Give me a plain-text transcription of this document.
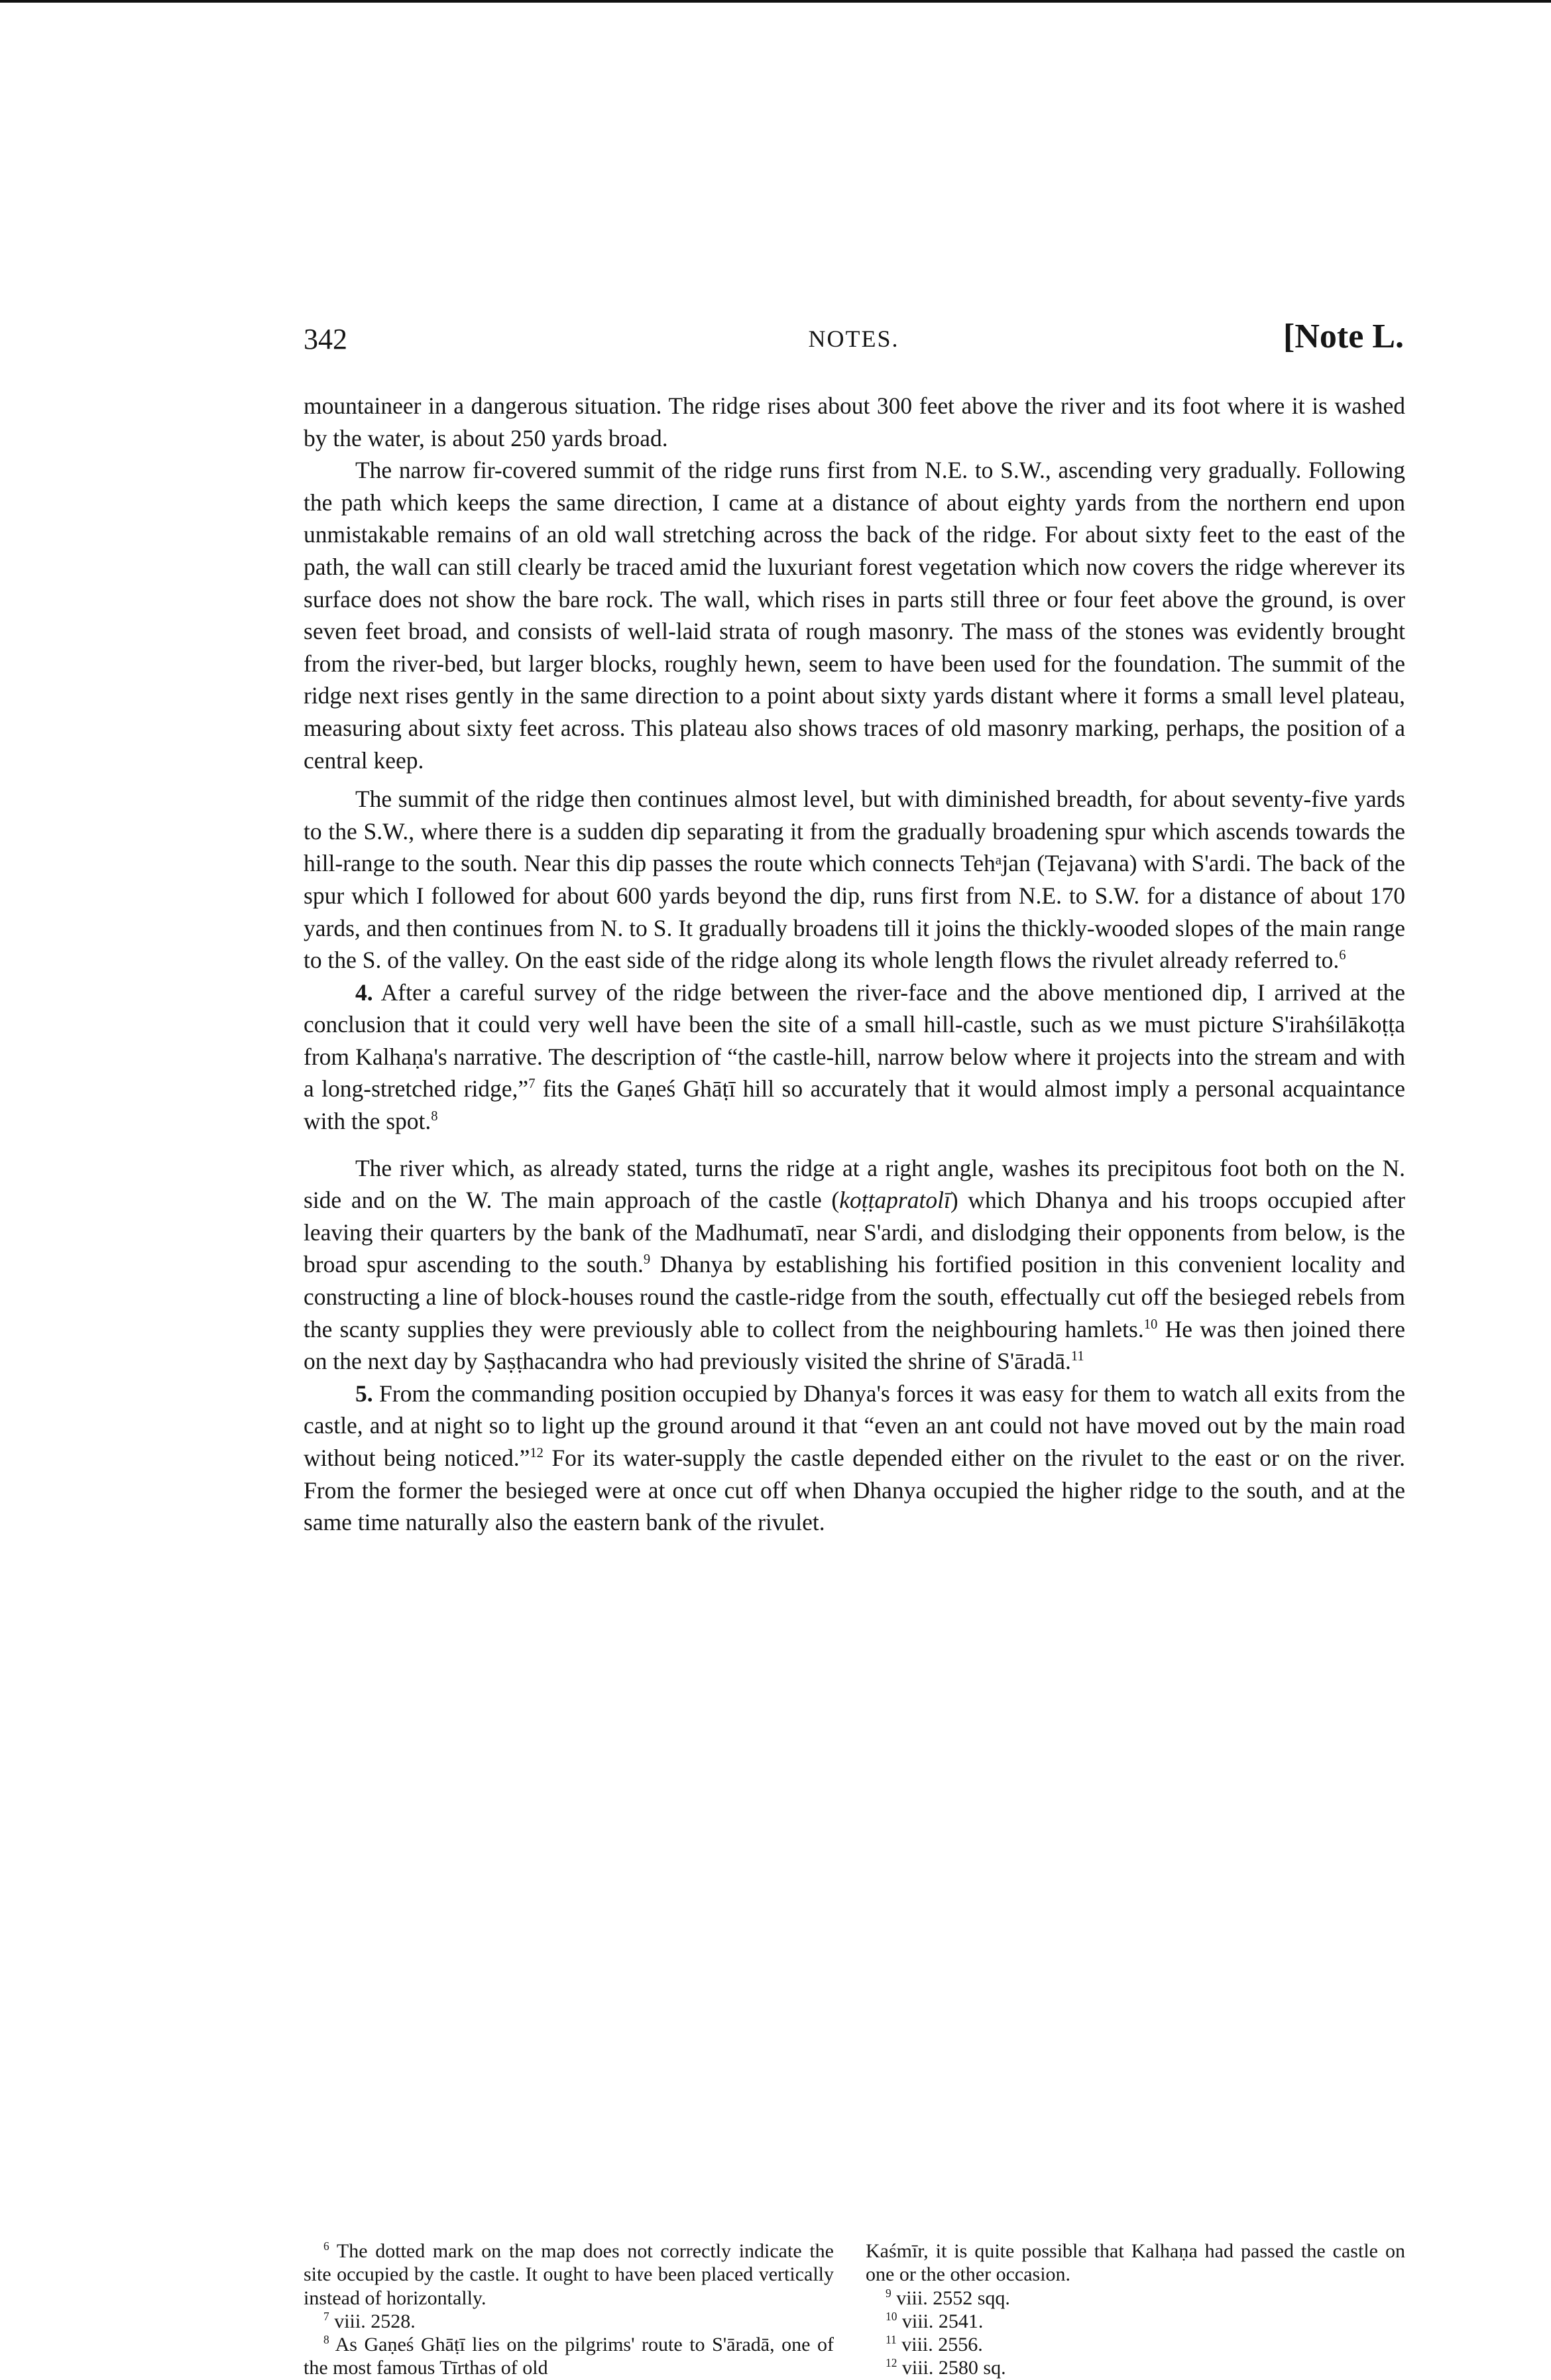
342	NOTES.	[Note L.

mountaineer in a dangerous situation. The ridge rises about 300 feet above the river and its foot where it is washed by the water, is about 250 yards broad.

The narrow fir-covered summit of the ridge runs first from N.E. to S.W., ascending very gradually. Following the path which keeps the same direction, I came at a distance of about eighty yards from the northern end upon unmistakable remains of an old wall stretching across the back of the ridge. For about sixty feet to the east of the path, the wall can still clearly be traced amid the luxuriant forest vegetation which now covers the ridge wherever its surface does not show the bare rock. The wall, which rises in parts still three or four feet above the ground, is over seven feet broad, and consists of well-laid strata of rough masonry. The mass of the stones was evidently brought from the river-bed, but larger blocks, roughly hewn, seem to have been used for the foundation. The summit of the ridge next rises gently in the same direction to a point about sixty yards distant where it forms a small level plateau, measuring about sixty feet across. This plateau also shows traces of old masonry marking, perhaps, the position of a central keep.

The summit of the ridge then continues almost level, but with diminished breadth, for about seventy-five yards to the S.W., where there is a sudden dip separating it from the gradually broadening spur which ascends towards the hill-range to the south. Near this dip passes the route which connects Tehᵃjan (Tejavana) with S'ardi. The back of the spur which I followed for about 600 yards beyond the dip, runs first from N.E. to S.W. for a distance of about 170 yards, and then continues from N. to S. It gradually broadens till it joins the thickly-wooded slopes of the main range to the S. of the valley. On the east side of the ridge along its whole length flows the rivulet already referred to.$^6$

4. After a careful survey of the ridge between the river-face and the above mentioned dip, I arrived at the conclusion that it could very well have been the site of a small hill-castle, such as we must picture S'irahśilākoṭṭa from Kalhaṇa's narrative. The description of “the castle-hill, narrow below where it projects into the stream and with a long-stretched ridge,”$^7$ fits the Gaṇeś Ghāṭī hill so accurately that it would almost imply a personal acquaintance with the spot.$^8$

The river which, as already stated, turns the ridge at a right angle, washes its precipitous foot both on the N. side and on the W. The main approach of the castle (koṭṭapratolī) which Dhanya and his troops occupied after leaving their quarters by the bank of the Madhumatī, near S'ardi, and dislodging their opponents from below, is the broad spur ascending to the south.$^9$ Dhanya by establishing his fortified position in this convenient locality and constructing a line of block-houses round the castle-ridge from the south, effectually cut off the besieged rebels from the scanty supplies they were previously able to collect from the neighbouring hamlets.$^{10}$ He was then joined there on the next day by Ṣaṣṭhacandra who had previously visited the shrine of S'āradā.$^{11}$

5. From the commanding position occupied by Dhanya's forces it was easy for them to watch all exits from the castle, and at night so to light up the ground around it that “even an ant could not have moved out by the main road without being noticed.”$^{12}$ For its water-supply the castle depended either on the rivulet to the east or on the river. From the former the besieged were at once cut off when Dhanya occupied the higher ridge to the south, and at the same time naturally also the eastern bank of the rivulet.

$^6$ The dotted mark on the map does not correctly indicate the site occupied by the castle. It ought to have been placed vertically instead of horizontally.

$^7$ viii. 2528.

$^8$ As Gaṇeś Ghāṭī lies on the pilgrims' route to S'āradā, one of the most famous Tīrthas of old

Kaśmīr, it is quite possible that Kalhaṇa had passed the castle on one or the other occasion.

$^9$ viii. 2552 sqq.

$^{10}$ viii. 2541.

$^{11}$ viii. 2556.

$^{12}$ viii. 2580 sq.
